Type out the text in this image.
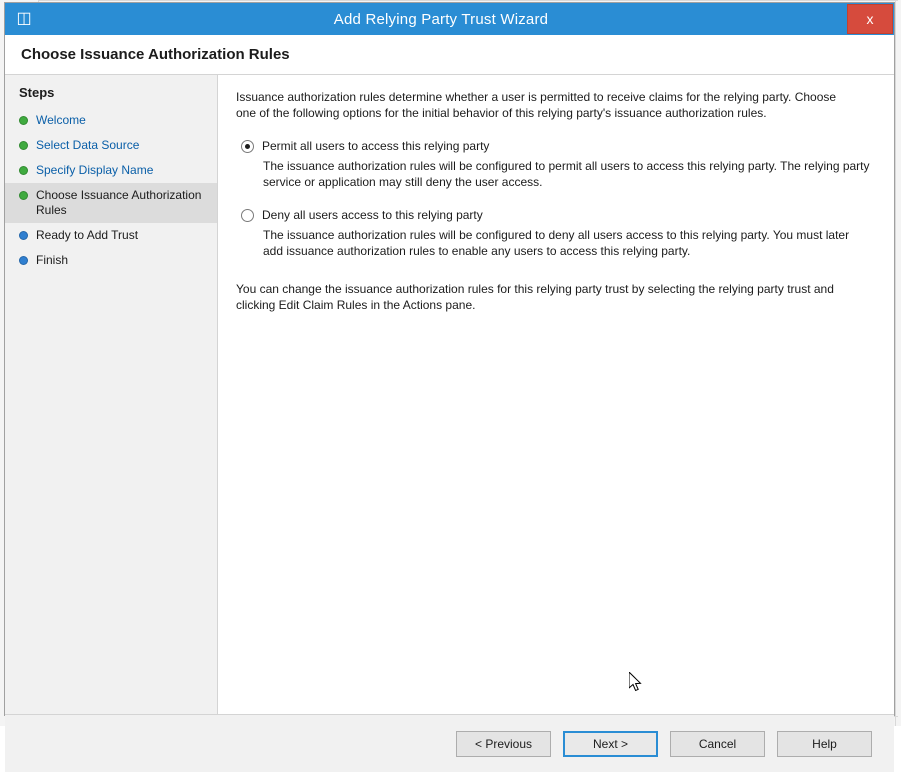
◫	Add Relying Party Trust Wizard	x
Choose Issuance Authorization Rules
Steps
Welcome
Select Data Source
Specify Display Name
Choose Issuance Authorization Rules
Ready to Add Trust
Finish

Issuance authorization rules determine whether a user is permitted to receive claims for the relying party. Choose one of the following options for the initial behavior of this relying party's issuance authorization rules.

Permit all users to access this relying party

The issuance authorization rules will be configured to permit all users to access this relying party. The relying party service or application may still deny the user access.

Deny all users access to this relying party

The issuance authorization rules will be configured to deny all users access to this relying party. You must later add issuance authorization rules to enable any users to access this relying party.

You can change the issuance authorization rules for this relying party trust by selecting the relying party trust and clicking Edit Claim Rules in the Actions pane.

< Previous	Next >	Cancel	Help
